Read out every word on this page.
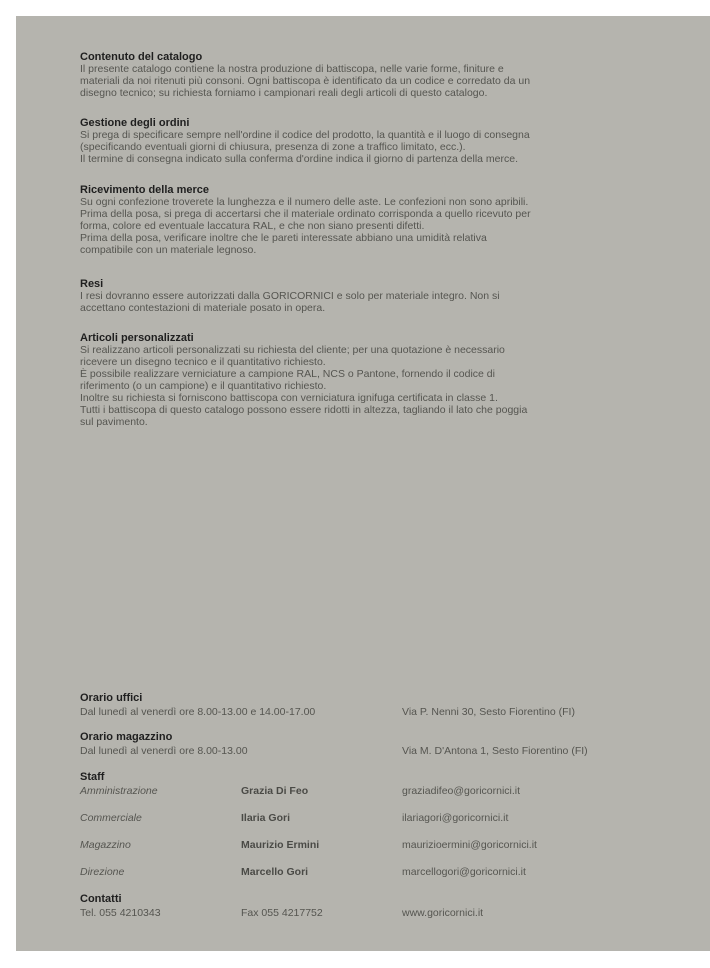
Contenuto del catalogo

Il presente catalogo contiene la nostra produzione di battiscopa, nelle varie forme, finiture e

materiali da noi ritenuti più consoni. Ogni battiscopa è identificato da un codice e corredato da un

disegno tecnico; su richiesta forniamo i campionari reali degli articoli di questo catalogo.

Gestione degli ordini

Si prega di specificare sempre nell'ordine il codice del prodotto, la quantità e il luogo di consegna

(specificando eventuali giorni di chiusura, presenza di zone a traffico limitato, ecc.).

Il termine di consegna indicato sulla conferma d'ordine indica il giorno di partenza della merce.

Ricevimento della merce

Su ogni confezione troverete la lunghezza e il numero delle aste. Le confezioni non sono apribili.

Prima della posa, si prega di accertarsi che il materiale ordinato corrisponda a quello ricevuto per

forma, colore ed eventuale laccatura RAL, e che non siano presenti difetti.

Prima della posa, verificare inoltre che le pareti interessate abbiano una umidità relativa

compatibile con un materiale legnoso.

Resi

I resi dovranno essere autorizzati dalla GORICORNICI e solo per materiale integro. Non si

accettano contestazioni di materiale posato in opera.

Articoli personalizzati

Si realizzano articoli personalizzati su richiesta del cliente; per una quotazione è necessario

ricevere un disegno tecnico e il quantitativo richiesto.

È possibile realizzare verniciature a campione RAL, NCS o Pantone, fornendo il codice di

riferimento (o un campione) e il quantitativo richiesto.

Inoltre su richiesta si forniscono battiscopa con verniciatura ignifuga certificata in classe 1.

Tutti i battiscopa di questo catalogo possono essere ridotti in altezza, tagliando il lato che poggia

sul pavimento.

Orario uffici
Dal lunedì al venerdì ore 8.00-13.00 e 14.00-17.00	Via P. Nenni 30, Sesto Fiorentino (FI)
Orario magazzino
Dal lunedì al venerdì ore 8.00-13.00	Via M. D'Antona 1, Sesto Fiorentino (FI)
Staff
Amministrazione	Grazia Di Feo	graziadifeo@goricornici.it
Commerciale	Ilaria Gori	ilariagori@goricornici.it
Magazzino	Maurizio Ermini	maurizioermini@goricornici.it
Direzione	Marcello Gori	marcellogori@goricornici.it
Contatti
Tel. 055 4210343	Fax 055 4217752	www.goricornici.it
